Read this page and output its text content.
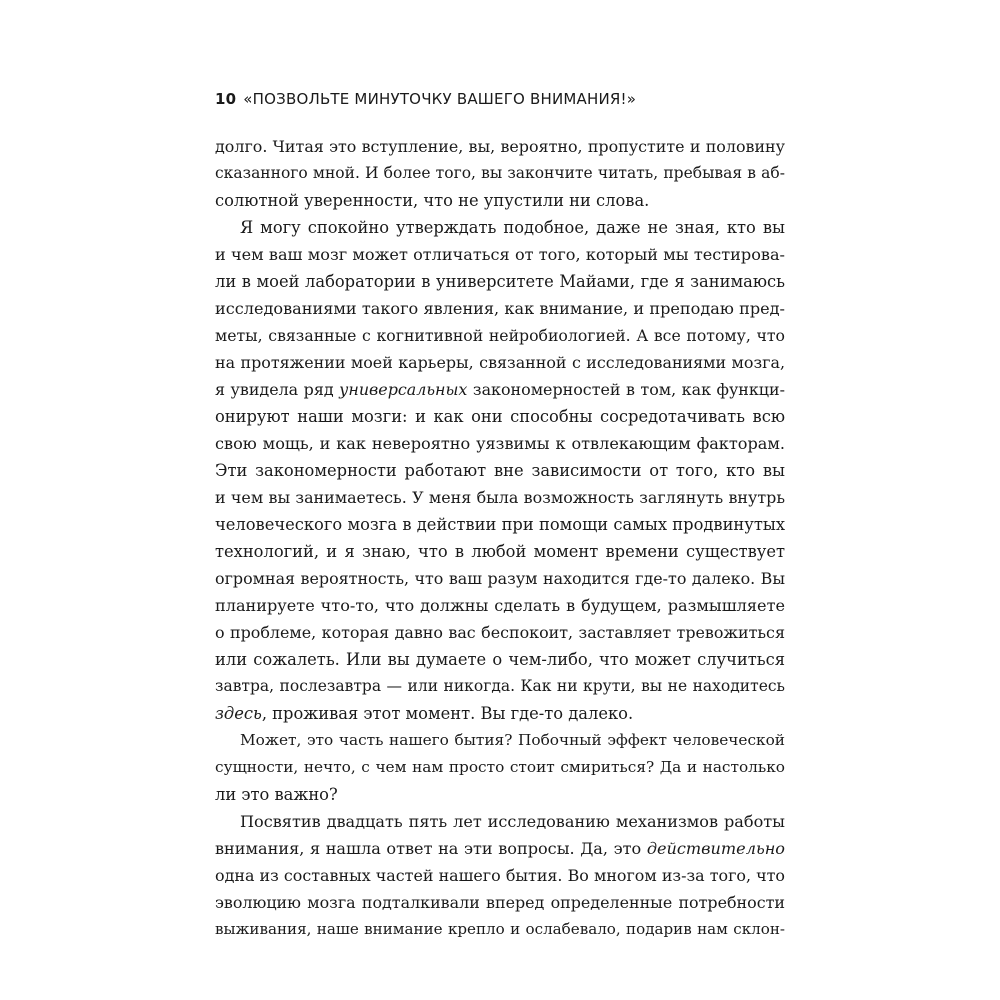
10 «ПОЗВОЛЬТЕ МИНУТОЧКУ ВАШЕГО ВНИМАНИЯ!»
долго. Читая это вступление, вы, вероятно, пропустите и половину
сказанного мной. И более того, вы закончите читать, пребывая в аб-
солютной уверенности, что не упустили ни слова.
Я могу спокойно утверждать подобное, даже не зная, кто вы
и чем ваш мозг может отличаться от того, который мы тестирова-
ли в моей лаборатории в университете Майами, где я занимаюсь
исследованиями такого явления, как внимание, и преподаю пред-
меты, связанные с когнитивной нейробиологией. А все потому, что
на протяжении моей карьеры, связанной с исследованиями мозга,
я увидела ряд универсальных закономерностей в том, как функци-
онируют наши мозги: и как они способны сосредотачивать всю
свою мощь, и как невероятно уязвимы к отвлекающим факторам.
Эти закономерности работают вне зависимости от того, кто вы
и чем вы занимаетесь. У меня была возможность заглянуть внутрь
человеческого мозга в действии при помощи самых продвинутых
технологий, и я знаю, что в любой момент времени существует
огромная вероятность, что ваш разум находится где-то далеко. Вы
планируете что-то, что должны сделать в будущем, размышляете
о проблеме, которая давно вас беспокоит, заставляет тревожиться
или сожалеть. Или вы думаете о чем-либо, что может случиться
завтра, послезавтра — или никогда. Как ни крути, вы не находитесь
здесь, проживая этот момент. Вы где-то далеко.
Может, это часть нашего бытия? Побочный эффект человеческой
сущности, нечто, с чем нам просто стоит смириться? Да и настолько
ли это важно?
Посвятив двадцать пять лет исследованию механизмов работы
внимания, я нашла ответ на эти вопросы. Да, это действительно
одна из составных частей нашего бытия. Во многом из-за того, что
эволюцию мозга подталкивали вперед определенные потребности
выживания, наше внимание крепло и ослабевало, подарив нам склон-
